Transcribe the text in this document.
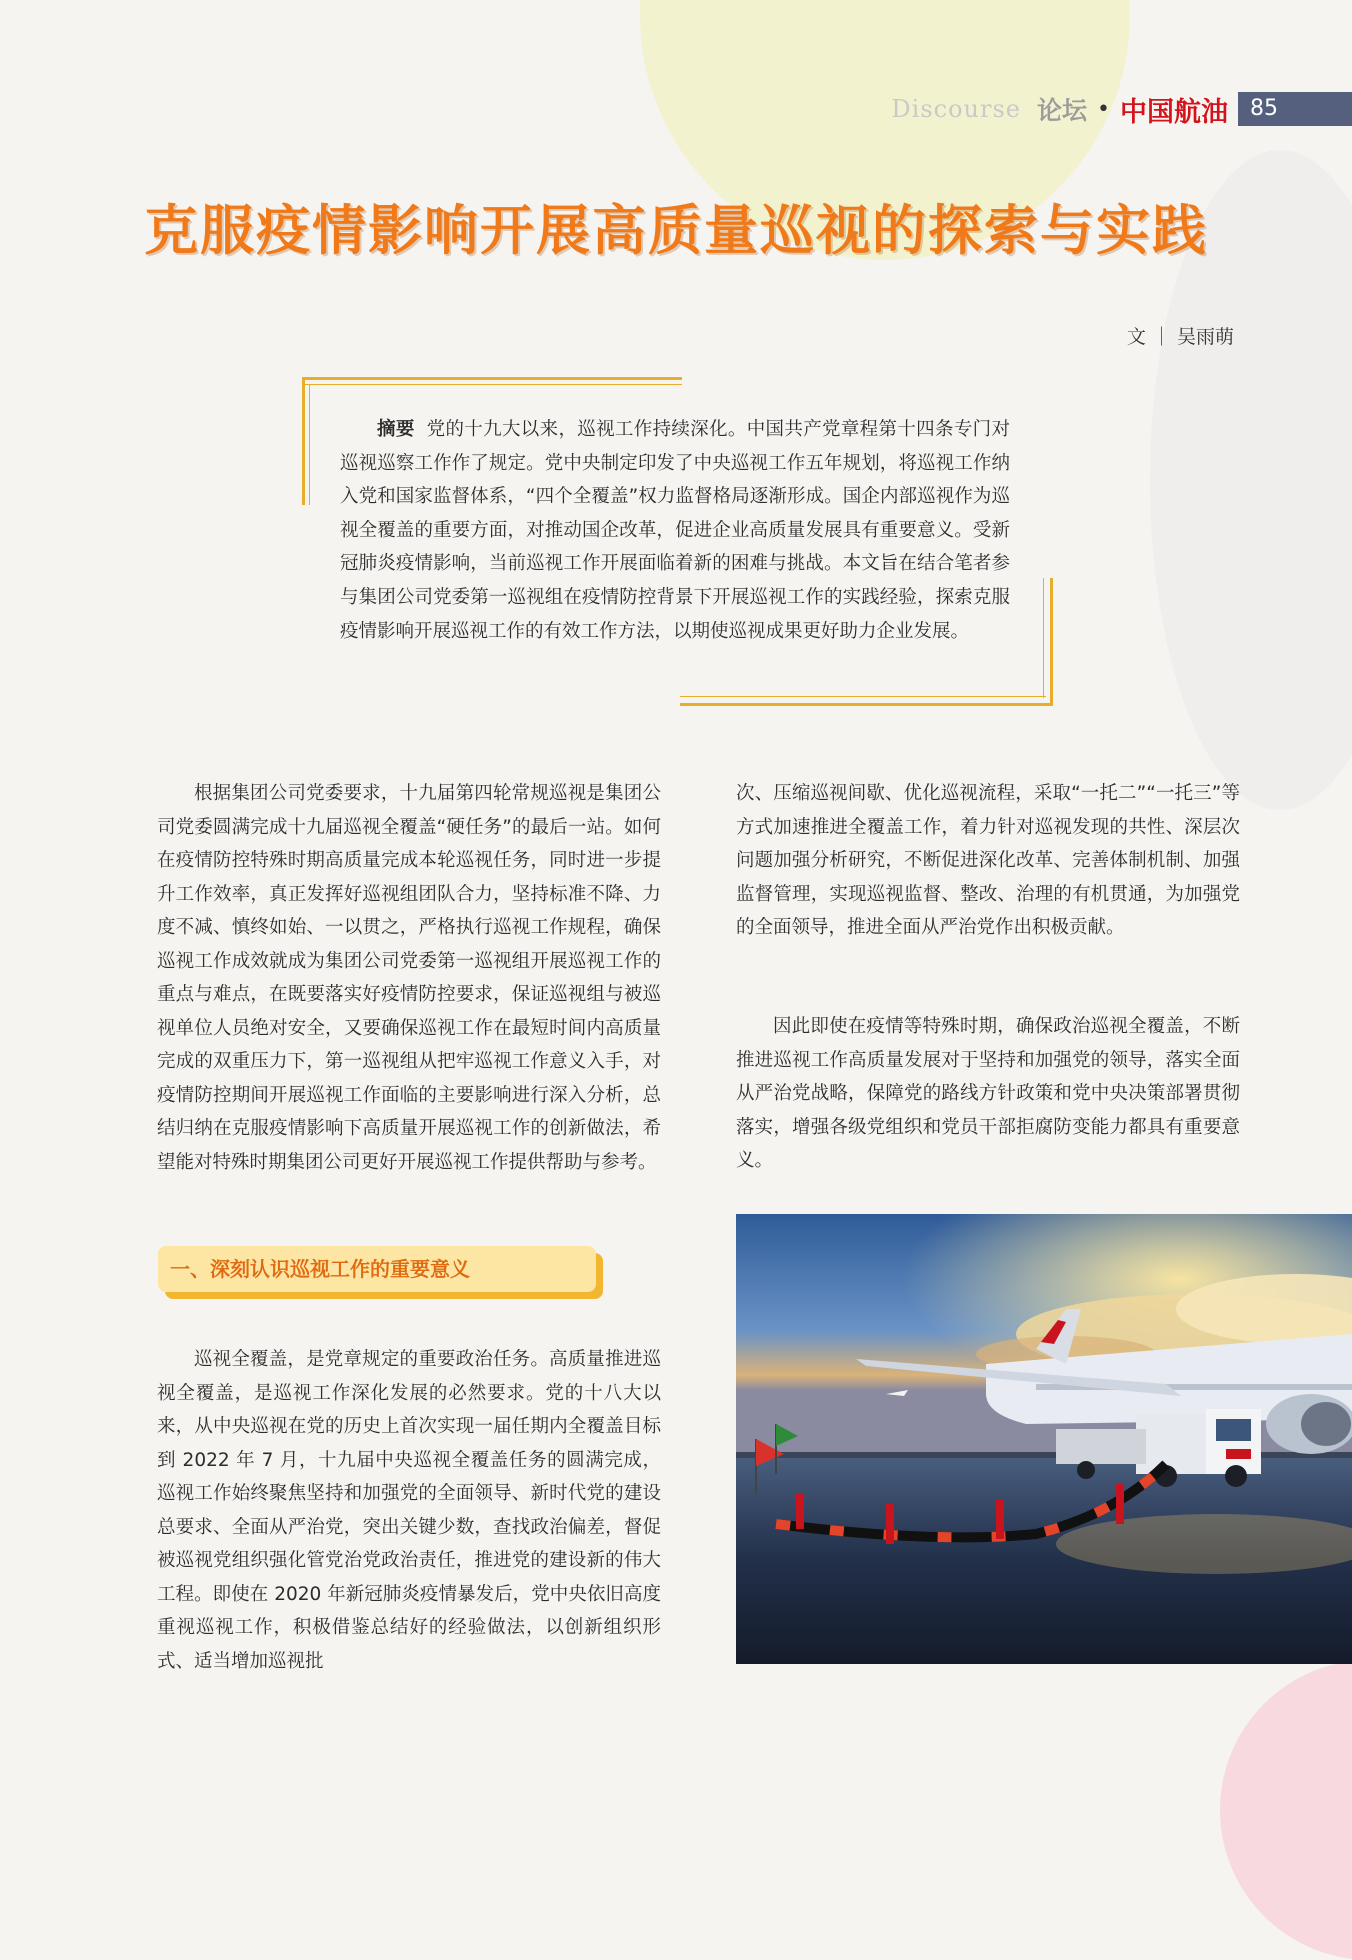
Discourse 论坛 • 中国航油	85
克服疫情影响开展高质量巡视的探索与实践
文 ｜ 吴雨萌

摘要 党的十九大以来，巡视工作持续深化。中国共产党章程第十四条专门对巡视巡察工作作了规定。党中央制定印发了中央巡视工作五年规划，将巡视工作纳入党和国家监督体系，“四个全覆盖”权力监督格局逐渐形成。国企内部巡视作为巡视全覆盖的重要方面，对推动国企改革，促进企业高质量发展具有重要意义。受新冠肺炎疫情影响，当前巡视工作开展面临着新的困难与挑战。本文旨在结合笔者参与集团公司党委第一巡视组在疫情防控背景下开展巡视工作的实践经验，探索克服疫情影响开展巡视工作的有效工作方法，以期使巡视成果更好助力企业发展。

根据集团公司党委要求，十九届第四轮常规巡视是集团公司党委圆满完成十九届巡视全覆盖“硬任务”的最后一站。如何在疫情防控特殊时期高质量完成本轮巡视任务，同时进一步提升工作效率，真正发挥好巡视组团队合力，坚持标准不降、力度不减、慎终如始、一以贯之，严格执行巡视工作规程，确保巡视工作成效就成为集团公司党委第一巡视组开展巡视工作的重点与难点，在既要落实好疫情防控要求，保证巡视组与被巡视单位人员绝对安全，又要确保巡视工作在最短时间内高质量完成的双重压力下，第一巡视组从把牢巡视工作意义入手，对疫情防控期间开展巡视工作面临的主要影响进行深入分析，总结归纳在克服疫情影响下高质量开展巡视工作的创新做法，希望能对特殊时期集团公司更好开展巡视工作提供帮助与参考。

一、深刻认识巡视工作的重要意义

巡视全覆盖，是党章规定的重要政治任务。高质量推进巡视全覆盖，是巡视工作深化发展的必然要求。党的十八大以来，从中央巡视在党的历史上首次实现一届任期内全覆盖目标到 2022 年 7 月，十九届中央巡视全覆盖任务的圆满完成，巡视工作始终聚焦坚持和加强党的全面领导、新时代党的建设总要求、全面从严治党，突出关键少数，查找政治偏差，督促被巡视党组织强化管党治党政治责任，推进党的建设新的伟大工程。即使在 2020 年新冠肺炎疫情暴发后，党中央依旧高度重视巡视工作，积极借鉴总结好的经验做法，以创新组织形式、适当增加巡视批

次、压缩巡视间歇、优化巡视流程，采取“一托二”“一托三”等方式加速推进全覆盖工作，着力针对巡视发现的共性、深层次问题加强分析研究，不断促进深化改革、完善体制机制、加强监督管理，实现巡视监督、整改、治理的有机贯通，为加强党的全面领导，推进全面从严治党作出积极贡献。

因此即使在疫情等特殊时期，确保政治巡视全覆盖，不断推进巡视工作高质量发展对于坚持和加强党的领导，落实全面从严治党战略，保障党的路线方针政策和党中央决策部署贯彻落实，增强各级党组织和党员干部拒腐防变能力都具有重要意义。
